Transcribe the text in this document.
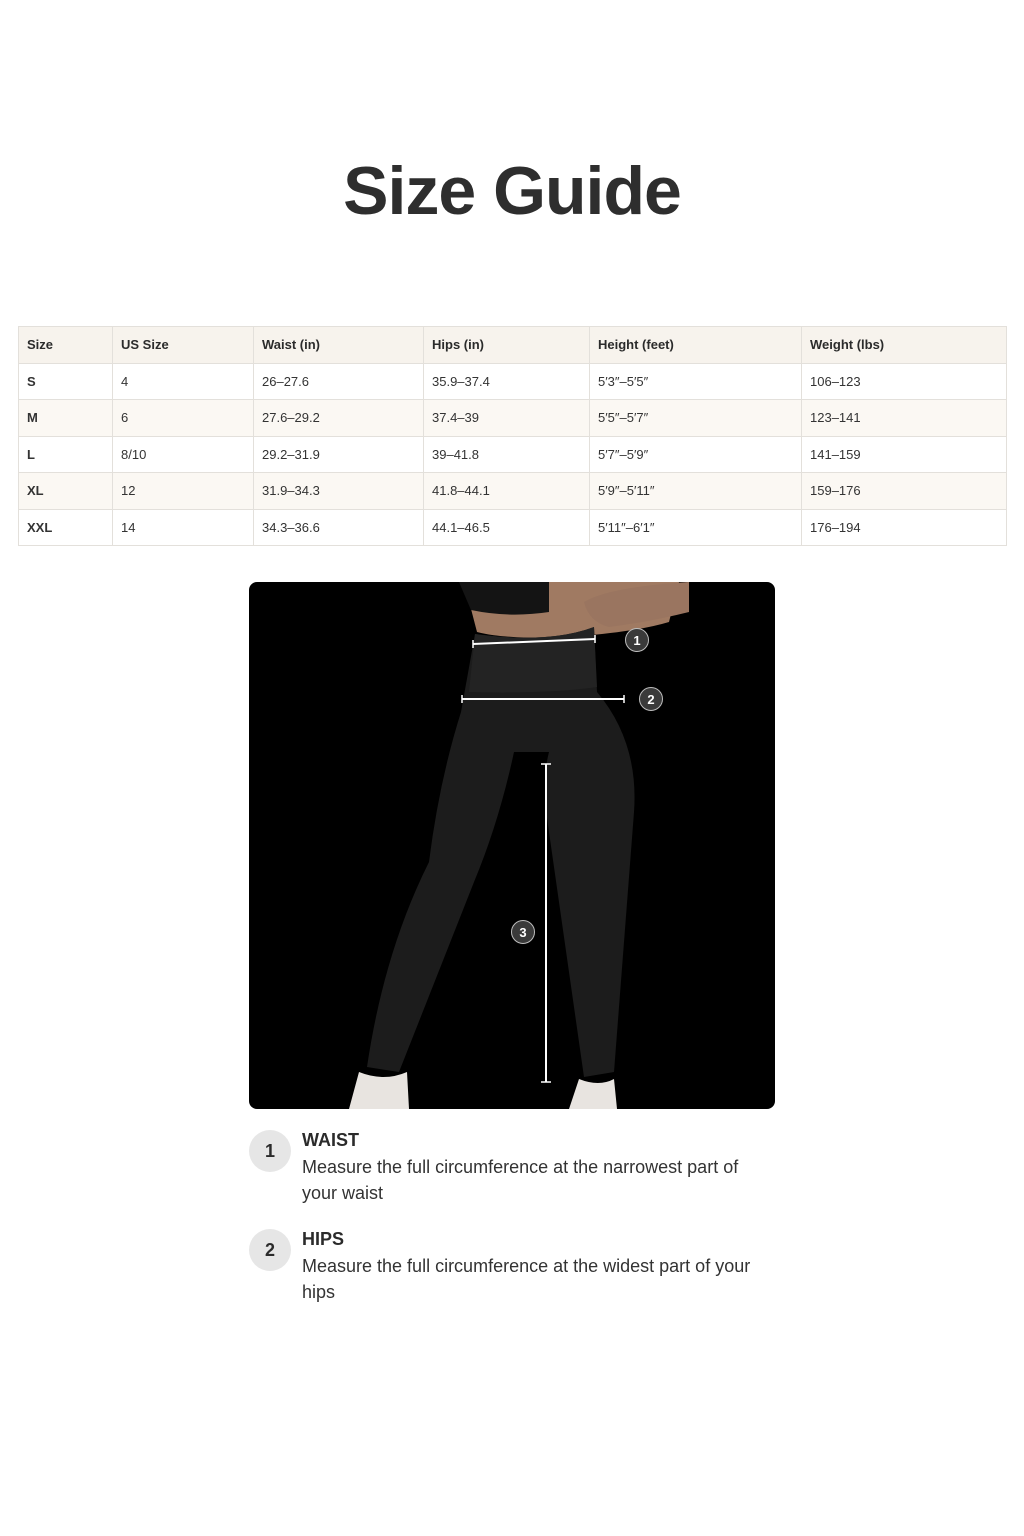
Size Guide
Size	US Size	Waist (in)	Hips (in)	Height (feet)	Weight (lbs)
S	4	26–27.6	35.9–37.4	5′3″–5′5″	106–123
M	6	27.6–29.2	37.4–39	5′5″–5′7″	123–141
L	8/10	29.2–31.9	39–41.8	5′7″–5′9″	141–159
XL	12	31.9–34.3	41.8–44.1	5′9″–5′11″	159–176
XXL	14	34.3–36.6	44.1–46.5	5′11″–6′1″	176–194
1
2
3
1
WAIST
Measure the full circumference at the narrowest part of your waist
2
HIPS
Measure the full circumference at the widest part of your hips
